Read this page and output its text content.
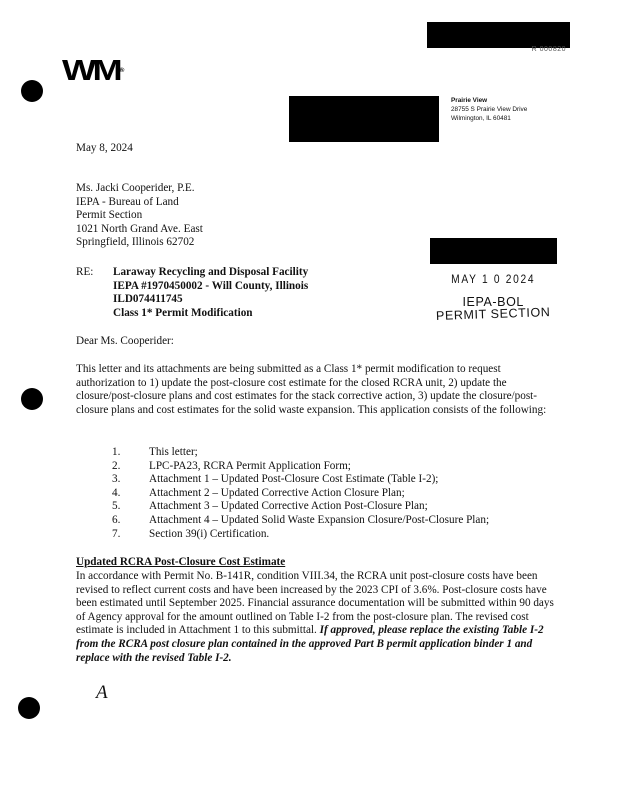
WM®
R 000820
Prairie View
28755 S Prairie View Drive
Wilmington, IL 60481
May 8, 2024
Ms. Jacki Cooperider, P.E.
IEPA - Bureau of Land
Permit Section
1021 North Grand Ave. East
Springfield, Illinois 62702
RE: Laraway Recycling and Disposal Facility
IEPA #1970450002 - Will County, Illinois
ILD074411745
Class 1* Permit Modification
MAY 1 0 2024
IEPA-BOL
PERMIT SECTION
Dear Ms. Cooperider:
This letter and its attachments are being submitted as a Class 1* permit modification to request authorization to 1) update the post-closure cost estimate for the closed RCRA unit, 2) update the closure/post-closure plans and cost estimates for the stack corrective action, 3) update the closure/post-closure plans and cost estimates for the solid waste expansion. This application consists of the following:
1.	This letter;
2.	LPC-PA23, RCRA Permit Application Form;
3.	Attachment 1 – Updated Post-Closure Cost Estimate (Table I-2);
4.	Attachment 2 – Updated Corrective Action Closure Plan;
5.	Attachment 3 – Updated Corrective Action Post-Closure Plan;
6.	Attachment 4 – Updated Solid Waste Expansion Closure/Post-Closure Plan;
7.	Section 39(i) Certification.
Updated RCRA Post-Closure Cost Estimate
In accordance with Permit No. B-141R, condition VIII.34, the RCRA unit post-closure costs have been revised to reflect current costs and have been increased by the 2023 CPI of 3.6%. Post-closure costs have been estimated until September 2025. Financial assurance documentation will be submitted within 90 days of Agency approval for the amount outlined on Table I-2 from the post-closure plan. The revised cost estimate is included in Attachment 1 to this submittal. If approved, please replace the existing Table I-2 from the RCRA post closure plan contained in the approved Part B permit application binder 1 and replace with the revised Table I-2.
A
